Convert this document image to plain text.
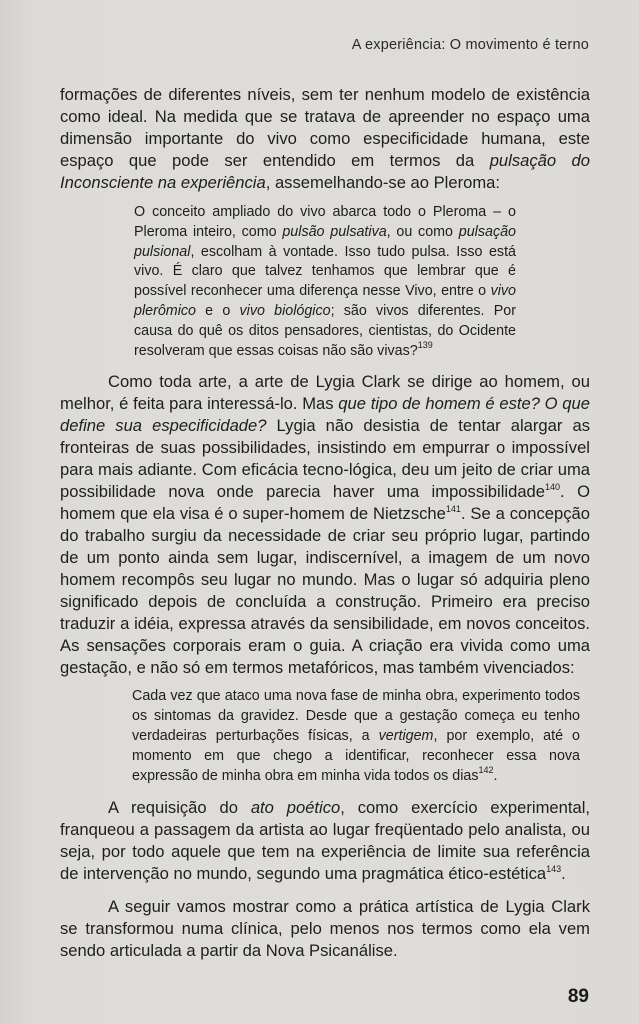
A experiência: O movimento é terno

formações de diferentes níveis, sem ter nenhum modelo de existência como ideal. Na medida que se tratava de apreender no espaço uma dimensão importante do vivo como especificidade humana, este espaço que pode ser entendido em termos da pulsação do Inconsciente na experiência, assemelhando-se ao Pleroma:

O conceito ampliado do vivo abarca todo o Pleroma – o Pleroma inteiro, como pulsão pulsativa, ou como pulsação pulsional, escolham à vontade. Isso tudo pulsa. Isso está vivo. É claro que talvez tenhamos que lembrar que é possível reconhecer uma diferença nesse Vivo, entre o vivo plerômico e o vivo biológico; são vivos diferentes. Por causa do quê os ditos pensadores, cientistas, do Ocidente resolveram que essas coisas não são vivas?$^{139}$

Como toda arte, a arte de Lygia Clark se dirige ao homem, ou melhor, é feita para interessá-lo. Mas que tipo de homem é este? O que define sua especificidade? Lygia não desistia de tentar alargar as fronteiras de suas possibilidades, insistindo em empurrar o impossível para mais adiante. Com eficácia tecno-lógica, deu um jeito de criar uma possibilidade nova onde parecia haver uma impossibilidade$^{140}$. O homem que ela visa é o super-homem de Nietzsche$^{141}$. Se a concepção do trabalho surgiu da necessidade de criar seu próprio lugar, partindo de um ponto ainda sem lugar, indiscernível, a imagem de um novo homem recompôs seu lugar no mundo. Mas o lugar só adquiria pleno significado depois de concluída a construção. Primeiro era preciso traduzir a idéia, expressa através da sensibilidade, em novos conceitos. As sensações corporais eram o guia. A criação era vivida como uma gestação, e não só em termos metafóricos, mas também vivenciados:

Cada vez que ataco uma nova fase de minha obra, experimento todos os sintomas da gravidez. Desde que a gestação começa eu tenho verdadeiras perturbações físicas, a vertigem, por exemplo, até o momento em que chego a identificar, reconhecer essa nova expressão de minha obra em minha vida todos os dias$^{142}$.

A requisição do ato poético, como exercício experimental, franqueou a passagem da artista ao lugar freqüentado pelo analista, ou seja, por todo aquele que tem na experiência de limite sua referência de intervenção no mundo, segundo uma pragmática ético-estética$^{143}$.

A seguir vamos mostrar como a prática artística de Lygia Clark se transformou numa clínica, pelo menos nos termos como ela vem sendo articulada a partir da Nova Psicanálise.

89
